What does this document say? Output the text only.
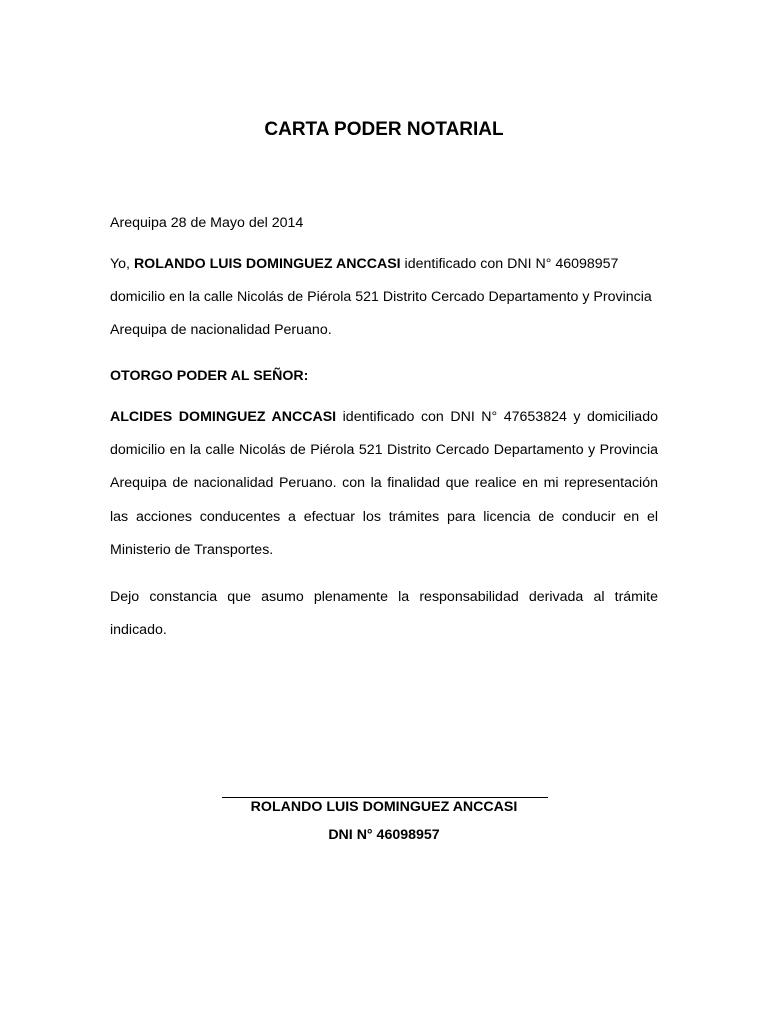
CARTA PODER NOTARIAL
Arequipa 28 de Mayo del 2014
Yo, ROLANDO LUIS DOMINGUEZ ANCCASI identificado con DNI N° 46098957 domicilio en la calle Nicolás de Piérola 521 Distrito Cercado Departamento y Provincia Arequipa de nacionalidad Peruano.
OTORGO PODER AL SEÑOR:
ALCIDES DOMINGUEZ ANCCASI identificado con DNI N° 47653824 y domiciliado domicilio en la calle Nicolás de Piérola 521 Distrito Cercado Departamento y Provincia Arequipa de nacionalidad Peruano. con la finalidad que realice en mi representación las acciones conducentes a efectuar los trámites para licencia de conducir en el Ministerio de Transportes.
Dejo constancia que asumo plenamente la responsabilidad derivada al trámite indicado.
ROLANDO LUIS DOMINGUEZ ANCCASI
DNI N° 46098957
